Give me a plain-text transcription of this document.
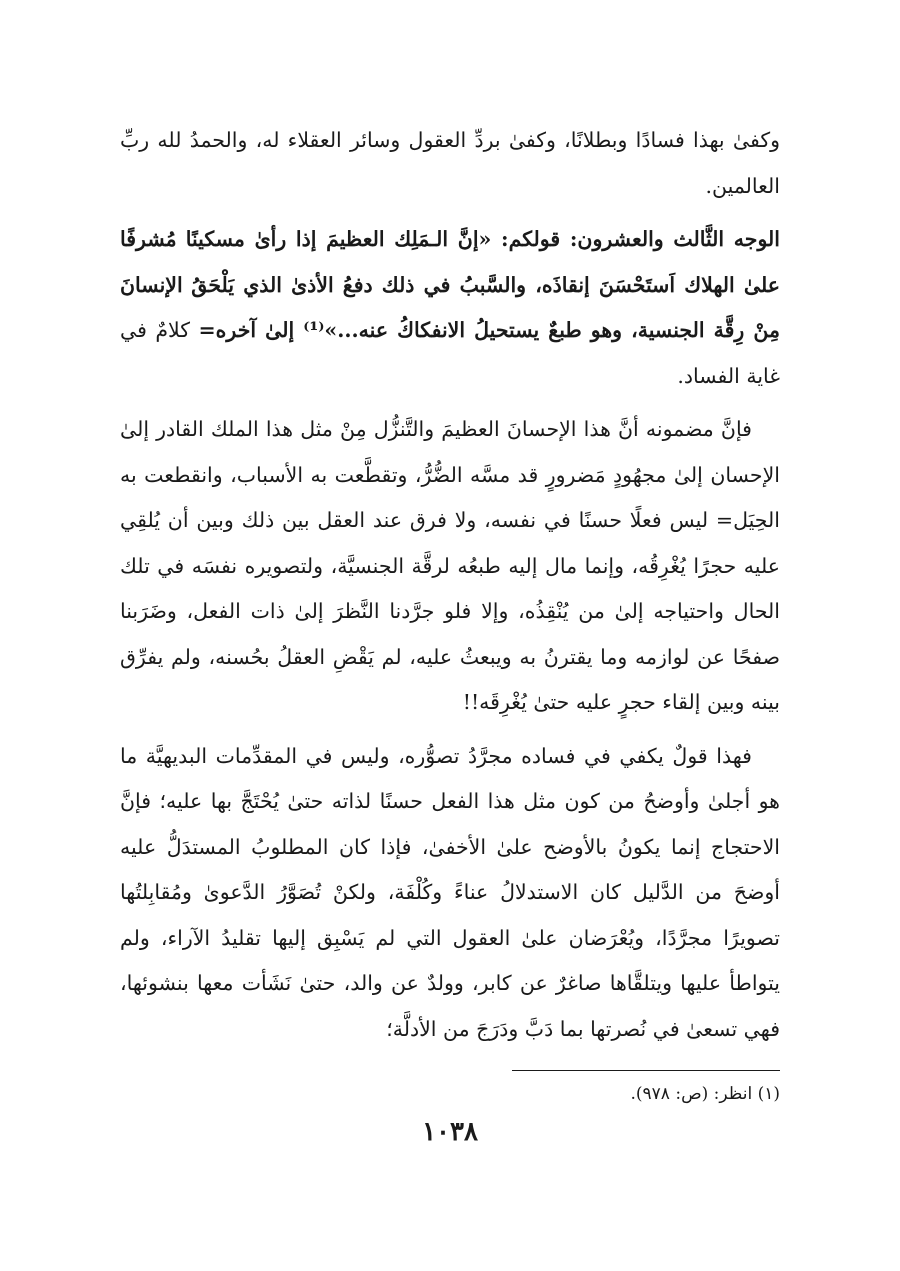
وكفىٰ بهذا فسادًا وبطلانًا، وكفىٰ بردِّ العقول وسائر العقلاء له، والحمدُ لله ربِّ العالمين.

الوجه الثَّالث والعشرون: قولكم: «إنَّ الـمَلِك العظيمَ إذا رأىٰ مسكينًا مُشرفًا علىٰ الهلاك اَستَحْسَنَ إنقاذَه، والسَّببُ في ذلك دفعُ الأذىٰ الذي يَلْحَقُ الإنسانَ مِنْ رِقَّة الجنسية، وهو طبعٌ يستحيلُ الانفكاكُ عنه...»⁽¹⁾ إلىٰ آخره= كلامٌ في غاية الفساد.

فإنَّ مضمونه أنَّ هذا الإحسانَ العظيمَ والتَّنزُّل مِنْ مثل هذا الملك القادر إلىٰ الإحسان إلىٰ مجهُودٍ مَضرورٍ قد مسَّه الضُّرُّ، وتقطَّعت به الأسباب، وانقطعت به الحِيَل= ليس فعلًا حسنًا في نفسه، ولا فرق عند العقل بين ذلك وبين أن يُلقِي عليه حجرًا يُغْرِقُه، وإنما مال إليه طبعُه لرقَّة الجنسيَّة، ولتصويره نفسَه في تلك الحال واحتياجه إلىٰ من يُنْقِذُه، وإلا فلو جرَّدنا النَّظرَ إلىٰ ذات الفعل، وضَرَبنا صفحًا عن لوازمه وما يقترنُ به ويبعثُ عليه، لم يَقْضِ العقلُ بحُسنه، ولم يفرِّق بينه وبين إلقاء حجرٍ عليه حتىٰ يُغْرِقَه!!

فهذا قولٌ يكفي في فساده مجرَّدُ تصوُّره، وليس في المقدِّمات البديهيَّة ما هو أجلىٰ وأوضحُ من كون مثل هذا الفعل حسنًا لذاته حتىٰ يُحْتَجَّ بها عليه؛ فإنَّ الاحتجاج إنما يكونُ بالأوضح علىٰ الأخفىٰ، فإذا كان المطلوبُ المستدَلُّ عليه أوضحَ من الدَّليل كان الاستدلالُ عناءً وكُلْفَة، ولكنْ تُصَوَّرُ الدَّعوىٰ ومُقابِلتُها تصويرًا مجرَّدًا، ويُعْرَضان علىٰ العقول التي لم يَسْبِق إليها تقليدُ الآراء، ولم يتواطأ عليها ويتلقَّاها صاغرٌ عن كابر، وولدٌ عن والد، حتىٰ نَشَأت معها بنشوئها، فهي تسعىٰ في نُصرتها بما دَبَّ ودَرَجَ من الأدلَّة؛

(١) انظر: (ص: ٩٧٨).

١٠٣٨
